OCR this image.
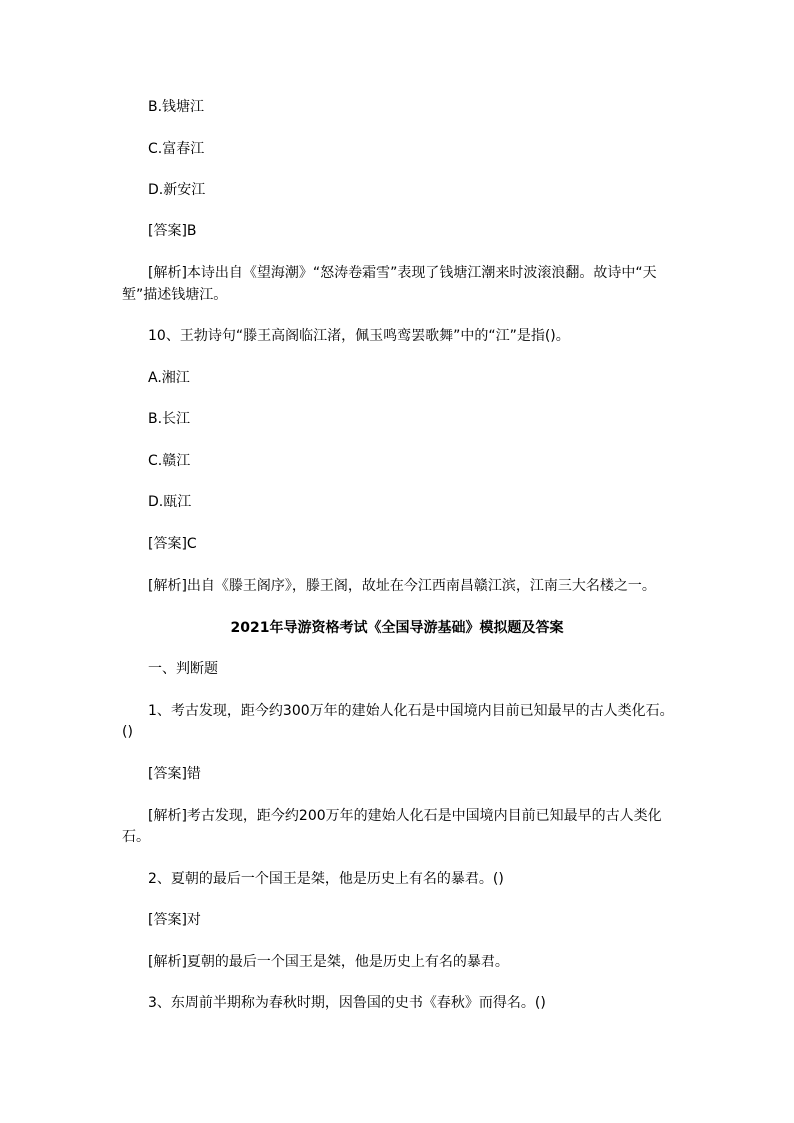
B.钱塘江
C.富春江
D.新安江
[答案]B
[解析]本诗出自《望海潮》“怒涛卷霜雪”表现了钱塘江潮来时波滚浪翻。故诗中“天
堑”描述钱塘江。
10、王勃诗句“滕王高阁临江渚，佩玉鸣鸾罢歌舞”中的“江”是指()。
A.湘江
B.长江
C.赣江
D.瓯江
[答案]C
[解析]出自《滕王阁序》，滕王阁，故址在今江西南昌赣江滨，江南三大名楼之一。
2021年导游资格考试《全国导游基础》模拟题及答案
一、判断题
1、考古发现，距今约300万年的建始人化石是中国境内目前已知最早的古人类化石。
()
[答案]错
[解析]考古发现，距今约200万年的建始人化石是中国境内目前已知最早的古人类化
石。
2、夏朝的最后一个国王是桀，他是历史上有名的暴君。()
[答案]对
[解析]夏朝的最后一个国王是桀，他是历史上有名的暴君。
3、东周前半期称为春秋时期，因鲁国的史书《春秋》而得名。()
